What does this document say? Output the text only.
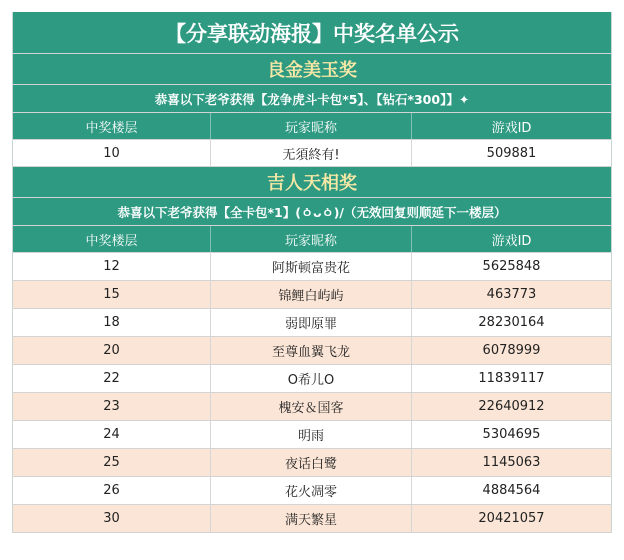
【分享联动海报】中奖名单公示
良金美玉奖
恭喜以下老爷获得【龙争虎斗卡包*5】、【钻石*300】】✦
中奖楼层	玩家昵称	游戏ID
10	无須終有!	509881
吉人天相奖
恭喜以下老爷获得【全卡包*1】(ㆁᴗㆁ)/（无效回复则顺延下一楼层）
中奖楼层	玩家昵称	游戏ID
12	阿斯顿富贵花	5625848
15	锦鲤白屿屿	463773
18	弱即原罪	28230164
20	至尊血翼飞龙	6078999
22	O希儿O	11839117
23	槐安＆国客	22640912
24	明雨	5304695
25	夜话白鹭	1145063
26	花火凋零	4884564
30	满天繁星	20421057
